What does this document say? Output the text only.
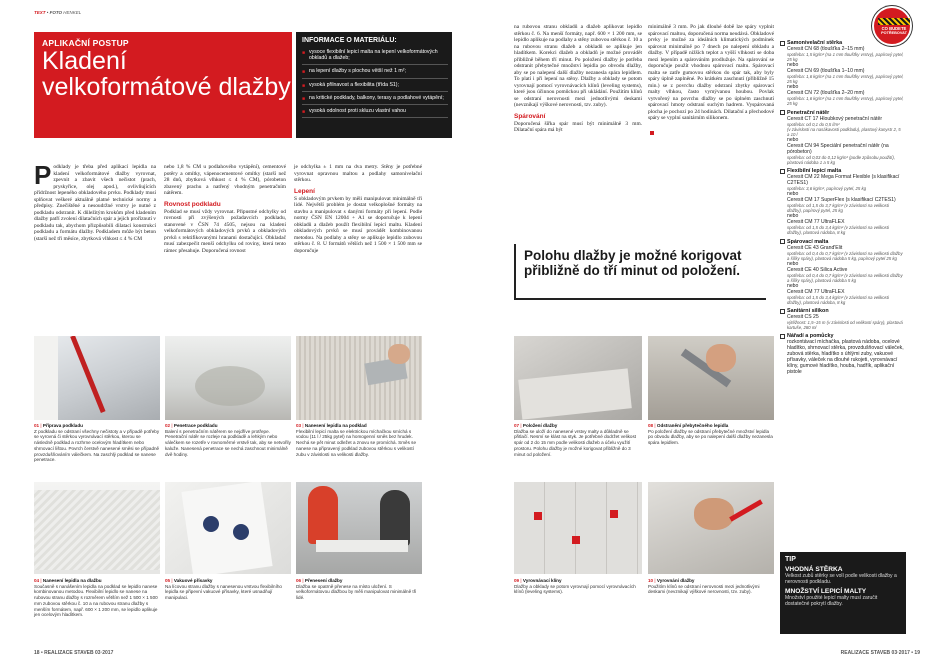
TEXT • FOTO HENKEL
APLIKAČNÍ POSTUP
Kladení
velkoformátové dlažby
INFORMACE O MATERIÁLU:
■ vysoce flexibilní lepicí malta na lepení velkoformátových obkladů a dlažeb;
■ na lepení dlažby s plochou větší než 1 m²;
■ vysoká přilnavost a flexibilita (třída S1);
■ na kritické podklady, balkony, terasy a podlahové vytápění;
■ vysoká odolnost proti skluzu vlastní vahou
P odklady je třeba před aplikací lepidla na kladení velkoformátové dlažby vyrovnat, zpevnit a zbavit všech nečistot (prach, pryskyřice, olej apod.), ovlivňujících přídržnost lepeného obkladového prvku. Podklady musí splňovat veškeré aktuálně platné technické normy a předpisy. Znečištěné a nesoudržné vrstvy je nutné z podkladu odstranit. K důležitým krokům před kladením dlažby patří zvolení dilatačních spár a jejich proříznutí v podkladu tak, abychom přizpůsobili dilataci konstrukcí podkladu a formátu dlažby. Podkladem může být beton (starší než tři měsíce, zbytková vlhkost ≤ 4 % CM

nebo 1,8 % CM u podlahového vytápění), cementové potěry a omítky, vápenocementové omítky (starší než 28 dnů, zbytková vlhkost ≤ 4 % CM), pórobeton zbavený prachu a natřený vhodným penetračním nátěrem.

Rovnost podkladu

Podklad se musí vždy vyrovnat. Připustné odchylky od rovnosti při zvýšených požadavcích podkladu, stanovené v ČSN 74 4505, nejsou na kladení velkoformátových obkladových prvků a obkladových prvků s rektifikovanými hranami dostačující. Obkladač musí zabezpečit menší odchylku od roviny, která tento rámec přesahuje. Doporučená rovnost

je odchylka ± 1 mm na dva metry. Stěny je potřebné vyrovnat opravnou maltou a podlahy samonivelační stěrkou.

Lepení

S obkladovým prvkem by měli manipulovat minimálně tři lidé. Největší problém je dostat velkoplošné formáty na stavbu a manipulovat s danými formáty při lepení. Podle normy ČSN EN 12004 + A1 se doporučuje k lepení obkladů a dlažeb použít flexibilní lepicí maltu. Kladení obkladových prvků se musí provádět kombinovanou metodou. Na podlahy a stěny se aplikuje lepidlo zubovou stěrkou č. 8. U formátů větších než 1 500 × 1 500 mm se doporučuje

01 | Příprava podkladu
Z podkladu se odstraní všechny nečistoty a v případě potřeby se vyrovná či stěrkou vyrovnávací stěrkou, kterou se následně podklad a rozhrne ocelovým hladítkem nebo shrnovací lištou. Povrch čerstvě nanesené směsi se případně provzdušňováním válečkem. Na zaschlý podklad se nanese penetrace.
02 | Penetrace podkladu
Balení s penetračním nátěrem se nejdříve protřepe. Penetrační nátěr se rozleje na podkladě a lehkým nebo válečkem se rozetře v rovnoměrné vrstvě tak, aby se netvořily kaluže. Nanesená penetrace se nechá zaschnout minimálně dvě hodiny.
03 | Nanesení lepidla na podklad
Flexibilní lepicí malta se elektrickou míchačkou smíchá s vodou (11 l / 25kg pytel) na homogenní směs bez hrudek. Nechá se pět minut odležet a znovu se promíchá. Směs se nanese na připravený podklad zubovou stěrkou s velikostí zubu v závislosti na velikosti dlažby.
04 | Nanesení lepidla na dlažbu
Současně s nanášením lepidla na podklad se lepidlo nanese kombinovanou metodou. Flexibilní lepidlo se nanese na rubovou stranu dlažby s rozměrem větším než 1 500 × 1 500 mm zubovou stěrkou č. 10 a na rubovou stranu dlažby s menším formátem, např. 600 × 1 200 mm, se lepidlo aplikuje jen ocelovým hladítkem.
05 | Vakuové přísavky
Na lícovou stranu dlažby s nanesenou vrstvou flexibilního lepidla se připevní vakuové přísavky, které usnadňují manipulaci.
06 | Přenesení dlažby
Dlažba se opatrně přenese na místo uložení. S velkoformátovou dlažbou by měli manipulovat minimálně tři lidé.
18 • REALIZACE STAVEB 03·2017

na rubovou stranu obkladů a dlažeb aplikovat lepidlo stěrkou č. 6. Na menší formáty, např. 600 × 1 200 mm, se lepidlo aplikuje na podlahy a stěny zubovou stěrkou č. 10 a na rubovou stranu dlažeb a obkladů se aplikuje jen hladítkem. Korekci dlažeb a obkladů je možné provádět přibližně během tří minut. Po položení dlažby je potřeba odstranit přebytečné množství lepidla po obvodu dlažby, aby se po nalepení další dlažby nezanesla spára lepidlem. To platí i při lepení na stěny. Dlažby a obklady se potom vyrovnají pomocí vyrovnávacích klínů (leveling systems), které jsou účinnou pomůckou při ukládání. Použitím klínů se odstraní nerovnosti mezi jednotlivými deskami (nevznikají výškové nerovnosti, tzv. zuby).

Spárování

Doporučená šířka spár musí být minimálně 3 mm. Dilatační spára má být

minimálně 3 mm. Po jak dlouhé době lze spáry vyplnit spárovací maltou, doporučená norma neudává. Obkladové prvky je možné za ideálních klimatických podmínek spárovat minimálně po 7 dnech po nalepení obkladu a dlažby. V případě nižších teplot a vyšší vlhkosti se doba mezi lepením a spárováním prodlužuje. Na spárování se doporučuje použít vhodnou spárovací maltu. Spárovací malta se zatře gumovou stěrkou do spár tak, aby byly spáry úplně zaplněné. Po krátkém zaschnutí (přibližně 15 min.) se z povrchu dlažby odstraní zbytky spárovací malty vlhkou, často vymývanou houbou. Povlak vytvořený na povrchu dlažby se po úplném zaschnutí spárovací hmoty odstraní suchým hadrem. Vyspárovaná plocha je pochozí po 24 hodinách. Dilatační a přechodové spáry se vyplní sanitárním silikonem.

Polohu dlažby je možné korigovat přibližně do tří minut od položení.

CO BUDETE
POTŘEBOVAT
Samonivelační stěrka
Ceresit CN 68 (tloušťka 2–15 mm)
spotřeba: 1,5 kg/m² (na 1 mm tloušťky vrstvy), papírový pytel, 25 kg
nebo
Ceresit CN 69 (tloušťka 1–10 mm)
spotřeba: 1,6 kg/m² (na 1 mm tloušťky vrstvy), papírový pytel, 25 kg
nebo
Ceresit CN 72 (tloušťka 2–20 mm)
spotřeba: 1,6 kg/m² (na 1 mm tloušťky vrstvy), papírový pytel, 25 kg
Penetrační nátěr
Ceresit CT 17 Hloubkový penetrační nátěr
spotřeba: od 0,1 do 0,5 l/m²
(v závislosti na nasákavosti podkladu), plastový kanystr 2, 5 a 10 l
nebo
Ceresit CN 94 Speciální penetrační nátěr (na pórobeton)
spotřeba: od 0,03 do 0,12 kg/m² (podle způsobu použití), plastová nádoba 1 a 5 kg
Flexibilní lepicí malta
Ceresit CM 22 Mega Format Flexible (s klasifikací C2TES1)
spotřeba: 3,6 kg/m², papírový pytel, 25 kg
nebo
Ceresit CM 17 SuperFlex (s klasifikací C2TES1)
spotřeba: od 1,5 do 3,7 kg/m² (v závislosti na velikosti dlažby), papírový pytel, 25 kg
nebo
Ceresit CM 77 UltraFLEX
spotřeba: od 1,5 do 3,4 kg/m² (v závislosti na velikosti dlažby), plastová nádoba, 8 kg
Spárovací malta
Ceresit CE 43 Grand'Elit
spotřeba: od 0,4 do 0,7 kg/m² (v závislosti na velikosti dlažby a šířky spáry), plastová nádoba 5 kg, papírový pytel 25 kg
nebo
Ceresit CE 40 Silica Active
spotřeba: od 0,4 do 0,7 kg/m² (v závislosti na velikosti dlažby a šířky spáry), plastová nádoba 5 kg
nebo
Ceresit CM 77 UltraFLEX
spotřeba: od 1,5 do 3,4 kg/m² (v závislosti na velikosti dlažby), plastová nádoba, 8 kg
Sanitární silikon
Ceresit CS 25
výtěžnost: 1,5–15 m (v závislosti od velikosti spáry), plastová kartuše, 280 ml
Nářadí a pomůcky
rozkontávací míchačka, plastová nádoba, ocelové hladítko, shrnovací stěrka, provzdušňovací váleček, zubová stěrka, hladítko s úhlými zuby, vakuové přísavky, váleček na dlouhé rukojeti, vyrovnávací klíny, gumové hladítko, houba, hadřík, aplikační pistole
TIP
VHODNÁ STĚRKA
Velkost zubů stěrky se volí podle velikosti dlažby a nerovnosti podkladu.
MNOŽSTVÍ LEPICÍ MALTY
Množství použité lepicí malty musí zaručit dostatečné pokrytí dlažby.
07 | Položení dlažby
Dlažba se uloží do nanesené vrstvy malty a důkladně se přitlačí. Nesmí se klást na styk. Je potřebné dodržet velikost spár od 2 do 15 mm podle velikosti dlažeb a účelu využití prostoru. Polohu dlažby je možné korigovat přibližně do 3 minut od položení.
08 | Odstranění přebytečného lepidla
Po položení dlažby se odstraní přebytečné množství lepidla po obvodu dlažby, aby se po nalepení další dlažby nezanesla spára lepidlem.
09 | Vyrovnávací klíny
Dlažby a obklady se potom vyrovnají pomocí vyrovnávacích klínů (leveling systems).
10 | Vyrovnání dlažby
Použitím klínů se odstraní nerovnosti mezi jednotlivými deskami (nevznikají výškové nerovnosti, tzv. zuby).
REALIZACE STAVEB 03·2017 • 19
